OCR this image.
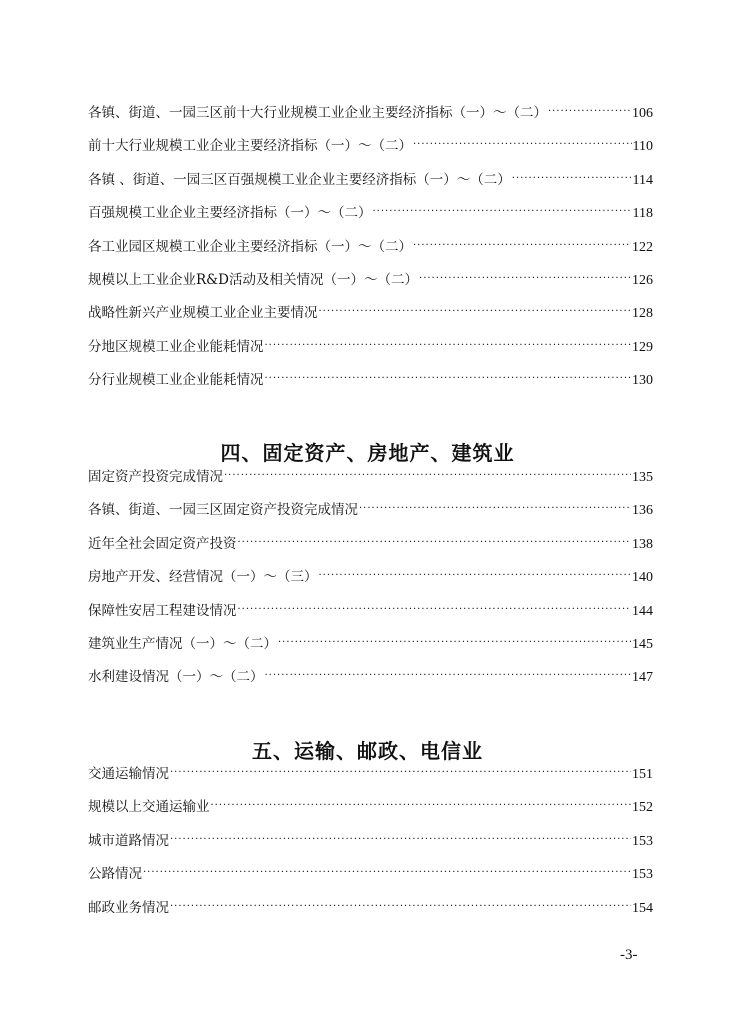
各镇、街道、一园三区前十大行业规模工业企业主要经济指标（一）～（二） ·····	106
前十大行业规模工业企业主要经济指标（一）～（二） ·····	110
各镇 、街道、一园三区百强规模工业企业主要经济指标（一）～（二） ·····	114
百强规模工业企业主要经济指标（一）～（二） ·····	118
各工业园区规模工业企业主要经济指标（一）～（二） ·····	122
规模以上工业企业R&D活动及相关情况（一）～（二） ·····	126
战略性新兴产业规模工业企业主要情况 ·····	128
分地区规模工业企业能耗情况 ·····	129
分行业规模工业企业能耗情况 ·····	130
四、固定资产、房地产、建筑业
固定资产投资完成情况 ·····	135
各镇、街道、一园三区固定资产投资完成情况 ·····	136
近年全社会固定资产投资 ·····	138
房地产开发、经营情况（一）～（三） ·····	140
保障性安居工程建设情况 ·····	144
建筑业生产情况（一）～（二） ·····	145
水利建设情况（一）～（二） ·····	147
五、运输、邮政、电信业
交通运输情况 ·····	151
规模以上交通运输业 ·····	152
城市道路情况 ·····	153
公路情况 ·····	153
邮政业务情况 ·····	154
-3-
